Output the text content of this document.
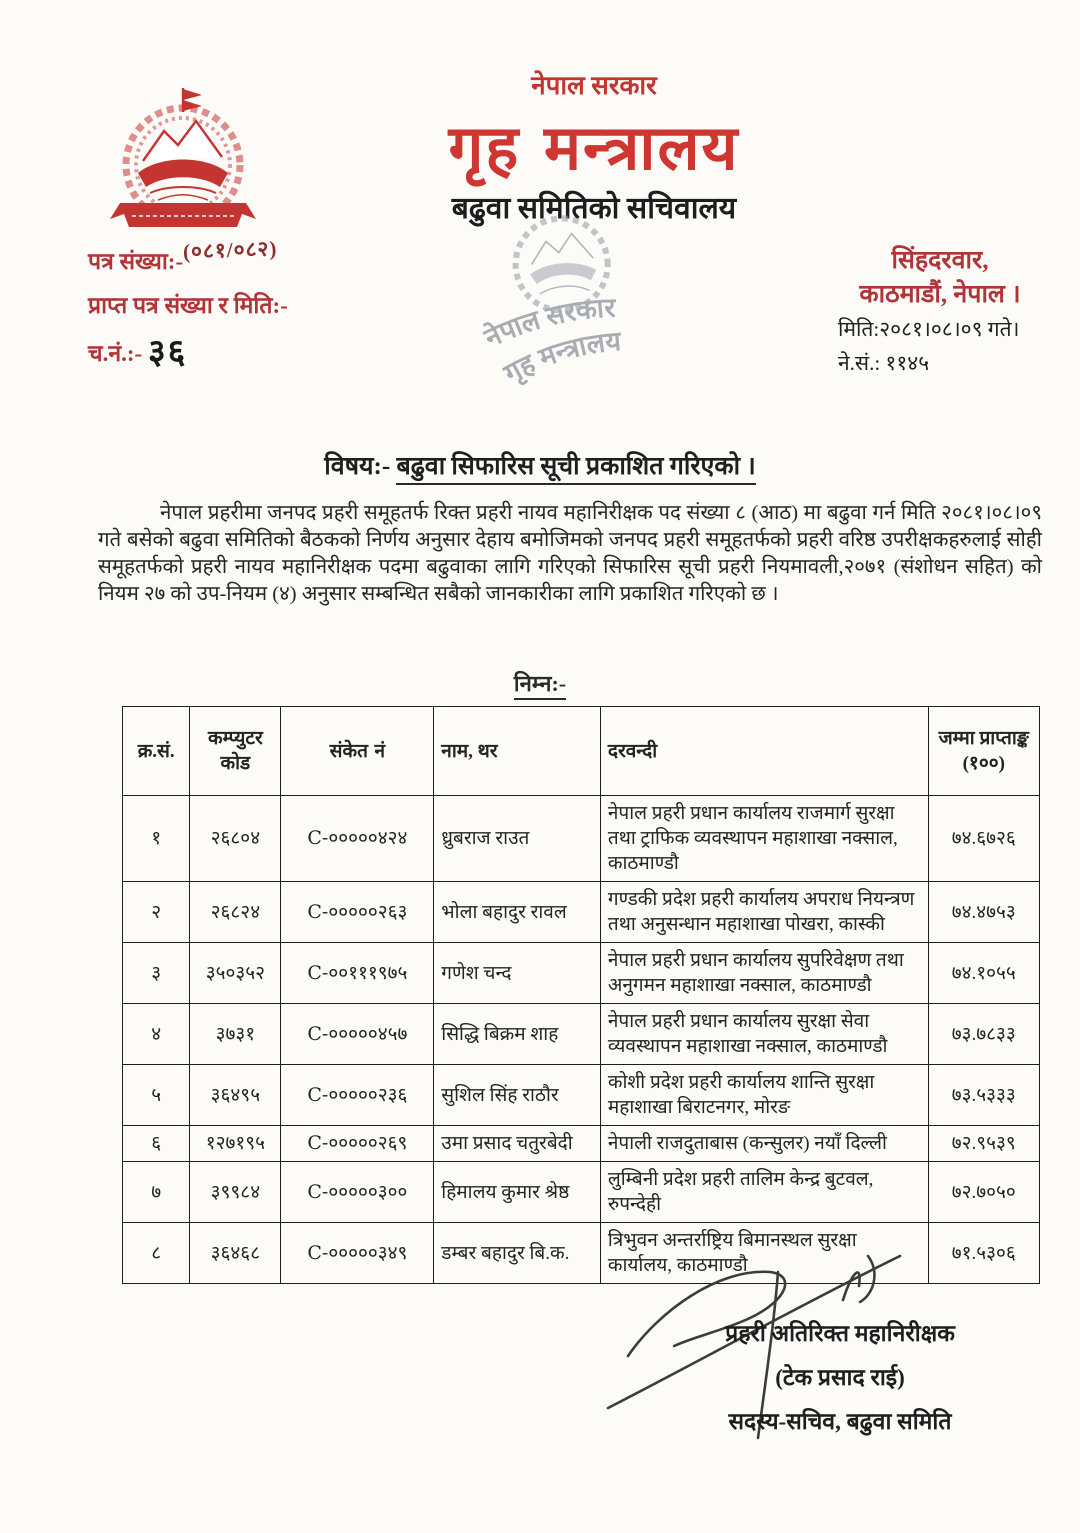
नेपाल सरकार
गृह मन्त्रालय
बढुवा समितिको सचिवालय
नेपाल सरकार
गृह मन्त्रालय
पत्र संख्या:-(०८१/०८२)
प्राप्त पत्र संख्या र मिति:-
च.नं.:- ३६
सिंहदरवार,
काठमाडौं, नेपाल ।
मिति:२०८१।०८।०९ गते।
ने.सं.: ११४५
विषय:- बढुवा सिफारिस सूची प्रकाशित गरिएको ।
नेपाल प्रहरीमा जनपद प्रहरी समूहतर्फ रिक्त प्रहरी नायव महानिरीक्षक पद संख्या ८ (आठ) मा बढुवा गर्न मिति २०८१।०८।०९ गते बसेको बढुवा समितिको बैठकको निर्णय अनुसार देहाय बमोजिमको जनपद प्रहरी समूहतर्फको प्रहरी वरिष्ठ उपरीक्षकहरुलाई सोही समूहतर्फको प्रहरी नायव महानिरीक्षक पदमा बढुवाका लागि गरिएको सिफारिस सूची प्रहरी नियमावली,२०७१ (संशोधन सहित) को नियम २७ को उप-नियम (४) अनुसार सम्बन्धित सबैको जानकारीका लागि प्रकाशित गरिएको छ ।
निम्न:-
क्र.सं.	कम्प्युटर कोड	संकेत नं	नाम, थर	दरवन्दी	जम्मा प्राप्ताङ्क (१००)
१	२६८०४	C-०००००४२४	ध्रुबराज राउत	नेपाल प्रहरी प्रधान कार्यालय राजमार्ग सुरक्षा तथा ट्राफिक व्यवस्थापन महाशाखा नक्साल, काठमाण्डौ	७४.६७२६
२	२६८२४	C-०००००२६३	भोला बहादुर रावल	गण्डकी प्रदेश प्रहरी कार्यालय अपराध नियन्त्रण तथा अनुसन्धान महाशाखा पोखरा, कास्की	७४.४७५३
३	३५०३५२	C-००१११९७५	गणेश चन्द	नेपाल प्रहरी प्रधान कार्यालय सुपरिवेक्षण तथा अनुगमन महाशाखा नक्साल, काठमाण्डौ	७४.१०५५
४	३७३१	C-०००००४५७	सिद्धि बिक्रम शाह	नेपाल प्रहरी प्रधान कार्यालय सुरक्षा सेवा व्यवस्थापन महाशाखा नक्साल, काठमाण्डौ	७३.७८३३
५	३६४९५	C-०००००२३६	सुशिल सिंह राठौर	कोशी प्रदेश प्रहरी कार्यालय शान्ति सुरक्षा महाशाखा बिराटनगर, मोरङ	७३.५३३३
६	१२७१९५	C-०००००२६९	उमा प्रसाद चतुरबेदी	नेपाली राजदुताबास (कन्सुलर) नयाँ दिल्ली	७२.९५३९
७	३९९८४	C-०००००३००	हिमालय कुमार श्रेष्ठ	लुम्बिनी प्रदेश प्रहरी तालिम केन्द्र बुटवल, रुपन्देही	७२.७०५०
८	३६४६८	C-०००००३४९	डम्बर बहादुर बि.क.	त्रिभुवन अन्तर्राष्ट्रिय बिमानस्थल सुरक्षा कार्यालय, काठमाण्डौ	७१.५३०६
प्रहरी अतिरिक्त महानिरीक्षक
(टेक प्रसाद राई)
सदस्य-सचिव, बढुवा समिति
